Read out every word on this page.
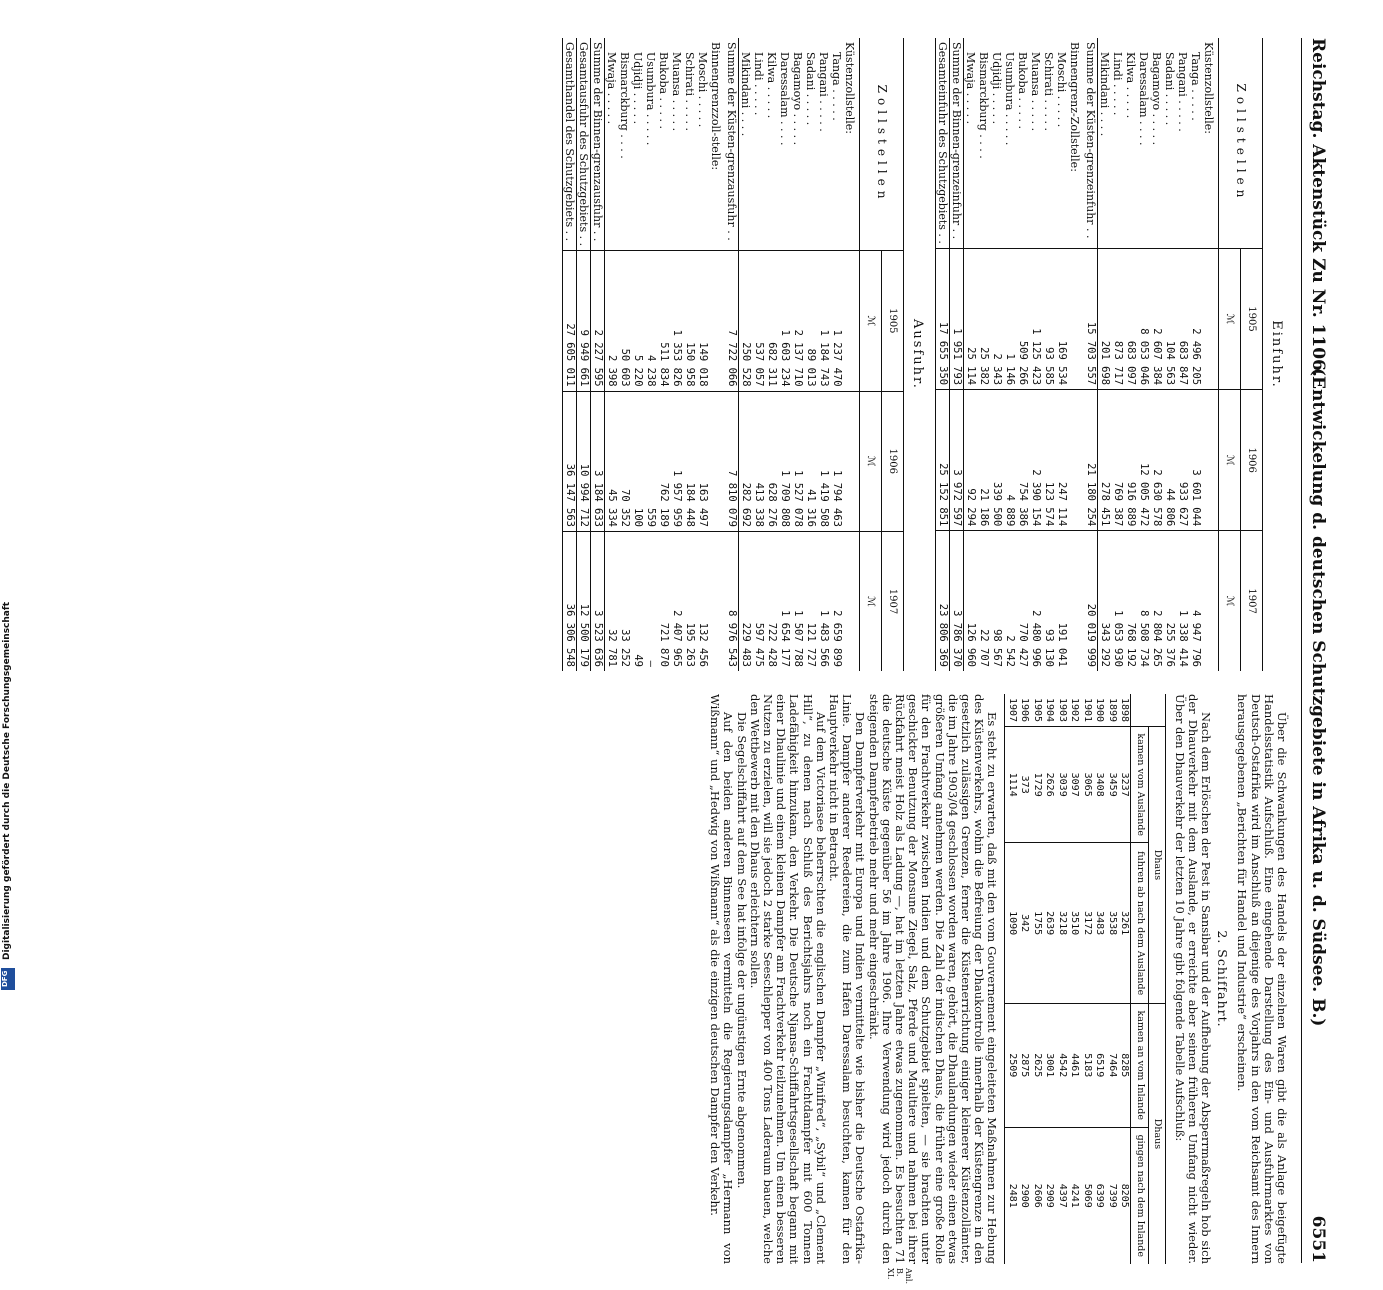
Reichstag. Aktenstück Zu Nr. 1106.
(Entwickelung d. deutschen Schutzgebiete in Afrika u. d. Südsee. B.)
6551
Einfuhr.
Zollstellen	1905	1906	1907
	ℳ	ℳ	ℳ
Küstenzollstelle:			
Tanga . . . . .	2 496 205	3 601 044	4 947 796
Pangani . . . . .	683 847	933 627	1 338 414
Sadani . . . . .	104 563	44 806	255 376
Bagamoyo . . . . .	2 607 384	2 630 578	2 804 265
Daressalam . . . .	8 053 046	12 005 472	8 508 734
Kilwa . . . . .	683 097	916 889	768 192
Lindi . . . . .	873 717	769 387	1 053 930
Mikindani . . . .	201 698	278 451	343 292
Summe der Küsten-grenzeinfuhr . .	15 703 557	21 180 254	20 019 999
Binnengrenz-Zollstelle:			
Moschi . . . . .	169 534	247 114	191 041
Schirati . . . . .	93 585	123 574	93 130
Muansa . . . . .	1 125 423	2 390 154	2 480 996
Bukoba . . . . .	509 266	754 386	770 427
Usumbura . . . . .	1 146	4 889	2 542
Udjidji . . . . .	2 343	339 500	98 567
Bismarckburg . . . .	25 382	21 186	22 707
Mwaja . . . . .	25 114	92 294	126 960
Summe der Binnen-grenzeinfuhr . .	1 951 793	3 972 597	3 786 370
Gesamteinfuhr des Schutzgebiets . .	17 655 350	25 152 851	23 806 369
Ausfuhr.
Zollstellen	1905	1906	1907
	ℳ	ℳ	ℳ
Küstenzollstelle:			
Tanga . . . . .	1 237 470	1 794 463	2 659 899
Pangani . . . . .	1 184 743	1 419 508	1 483 566
Sadani . . . . .	89 013	41 316	121 727
Bagamoyo . . . . .	2 137 710	1 527 078	1 507 788
Daressalam . . . .	1 603 234	1 709 808	1 654 177
Kilwa . . . . .	682 311	628 276	722 428
Lindi . . . . .	537 057	413 338	597 475
Mikindani . . . .	250 528	282 692	229 483
Summe der Küsten-grenzausfuhr . .	7 722 066	7 810 079	8 976 543
Binnengrenzzoll-stelle:			
Moschi . . . . .	149 018	163 497	132 456
Schirati . . . . .	150 958	184 448	195 263
Muansa . . . . .	1 353 826	1 957 959	2 407 965
Bukoba . . . . .	511 834	762 189	721 870
Usumbura . . . . .	4 238	559	—
Udjidji . . . . .	5 220	100	49
Bismarckburg . . . .	50 603	70 352	33 252
Mwaja . . . . .	2 398	45 334	32 781
Summe der Binnen-grenzausfuhr . .	2 227 595	3 184 633	3 523 636
Gesamtausfuhr des Schutzgebiets . .	9 949 661	10 994 712	12 500 179
Gesamthandel des Schutzgebiets . .	27 605 011	36 147 563	36 306 548
Anl. B. XI.

Über die Schwankungen des Handels der einzelnen Waren gibt die als Anlage beigefügte Handelsstatistik Aufschluß. Eine eingehende Darstellung des Ein- und Ausfuhrmarktes von Deutsch-Ostafrika wird im Anschluß an diejenige des Vorjahrs in den vom Reichsamt des Innern herausgegebenen „Berichten für Handel und Industrie“ erscheinen.

2. Schiffahrt.

Nach dem Erlöschen der Pest in Sansibar und der Aufhebung der Absperrmaßregeln hob sich der Dhauverkehr mit dem Auslande, er erreichte aber seinen früheren Umfang nicht wieder. Über den Dhauverkehr der letzten 10 Jahre gibt folgende Tabelle Aufschluß:

	Dhaus		Dhaus	
	kamen vom Auslande	fuhren ab nach dem Auslande	kamen an vom Inlande	gingen nach dem Inlande
1898	3237	3261	8285	8205
1899	3459	3538	7464	7399
1900	3408	3483	6519	6399
1901	3065	3172	5183	5069
1902	3097	3510	4461	4241
1903	3039	3218	4542	4397
1904	2626	2639	3001	2909
1905	1729	1755	2625	2606
1906	373	342	2875	2900
1907	1114	1090	2509	2481

Es steht zu erwarten, daß mit den vom Gouvernement eingeleiteten Maßnahmen zur Hebung des Küstenverkehrs, wohin die Befreiung der Dhaukontrolle innerhalb der Küstengrenze in den gesetzlich zulässigen Grenzen, ferner die Küstenerrichtung einiger kleinerer Küstenzollämter, die im Jahre 1903/04 geschlossen worden waren, gehört, die Dhaulandungen wieder einen etwas größeren Umfang annehmen werden. Die Zahl der indischen Dhaus, die früher eine große Rolle für den Frachtverkehr zwischen Indien und dem Schutzgebiet spielten, — sie brachten unter geschickter Benutzung der Monsune Ziegel, Salz, Pferde und Maultiere und nahmen bei ihrer Rückfahrt meist Holz als Ladung —, hat im letzten Jahre etwas zugenommen. Es besuchten 71 die deutsche Küste gegenüber 56 im Jahre 1906. Ihre Verwendung wird jedoch durch den steigenden Dampferbetrieb mehr und mehr eingeschränkt.

Den Dampferverkehr mit Europa und Indien vermittelte wie bisher die Deutsche Ostafrika-Linie. Dampfer anderer Reedereien, die zum Hafen Daressalam besuchten, kamen für den Hauptverkehr nicht in Betracht.

Auf dem Victoriasee beherrschten die englischen Dampfer „Winifred“, „Sybil“ und „Clement Hill“, zu denen nach Schluß des Berichtsjahrs noch ein Frachtdampfer mit 600 Tonnen Ladefähigkeit hinzukam, den Verkehr. Die Deutsche Njansa-Schiffahrtsgesellschaft begann mit einer Dhaulinie und einem kleinen Dampfer am Frachtverkehr teilzunehmen. Um einen besseren Nutzen zu erzielen, will sie jedoch 2 starke Seeschlepper von 400 Tons Laderaum bauen, welche den Wettbewerb mit den Dhaus erleichtern sollen.

Die Segelschiffahrt auf dem See hat infolge der ungünstigen Ernte abgenommen.

Auf den beiden anderen Binnenseen vermitteln die Regierungsdampfer „Hermann von Wißmann“ und „Hedwig von Wißmann“ als die einzigen deutschen Dampfer den Verkehr.

Digitalisierung gefördert durch die Deutsche Forschungsgemeinschaft
DFG
